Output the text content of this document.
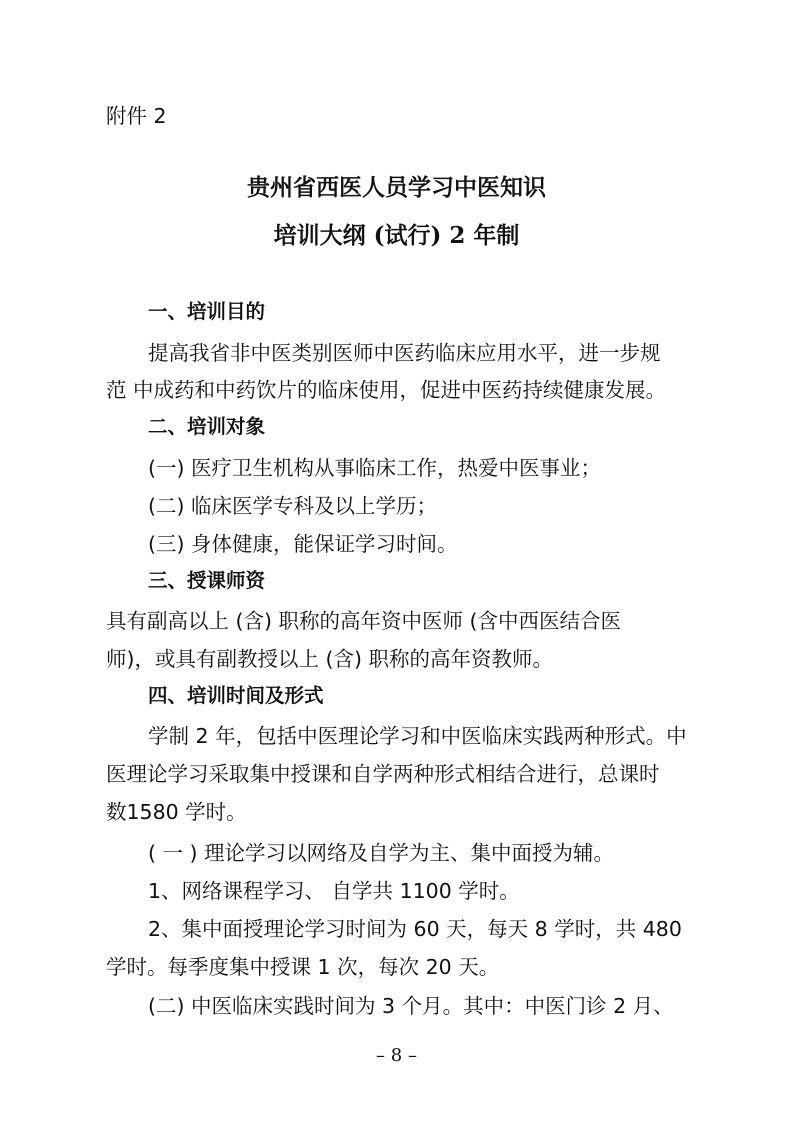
附件 2
贵州省西医人员学习中医知识
培训大纲 (试行) 2 年制
一、培训目的
提高我省非中医类别医师中医药临床应用水平，进一步规
范 中成药和中药饮片的临床使用，促进中医药持续健康发展。
二、培训对象
(一) 医疗卫生机构从事临床工作，热爱中医事业；
(二) 临床医学专科及以上学历；
(三) 身体健康，能保证学习时间。
三、授课师资
具有副高以上 (含) 职称的高年资中医师 (含中西医结合医
师)，或具有副教授以上 (含) 职称的高年资教师。
四、培训时间及形式
学制 2 年，包括中医理论学习和中医临床实践两种形式。中
医理论学习采取集中授课和自学两种形式相结合进行，总课时
数1580 学时。
( 一 ) 理论学习以网络及自学为主、集中面授为辅。
1、网络课程学习、 自学共 1100 学时。
2、集中面授理论学习时间为 60 天，每天 8 学时，共 480
学时。每季度集中授课 1 次，每次 20 天。
(二) 中医临床实践时间为 3 个月。其中：中医门诊 2 月、
– 8 –
